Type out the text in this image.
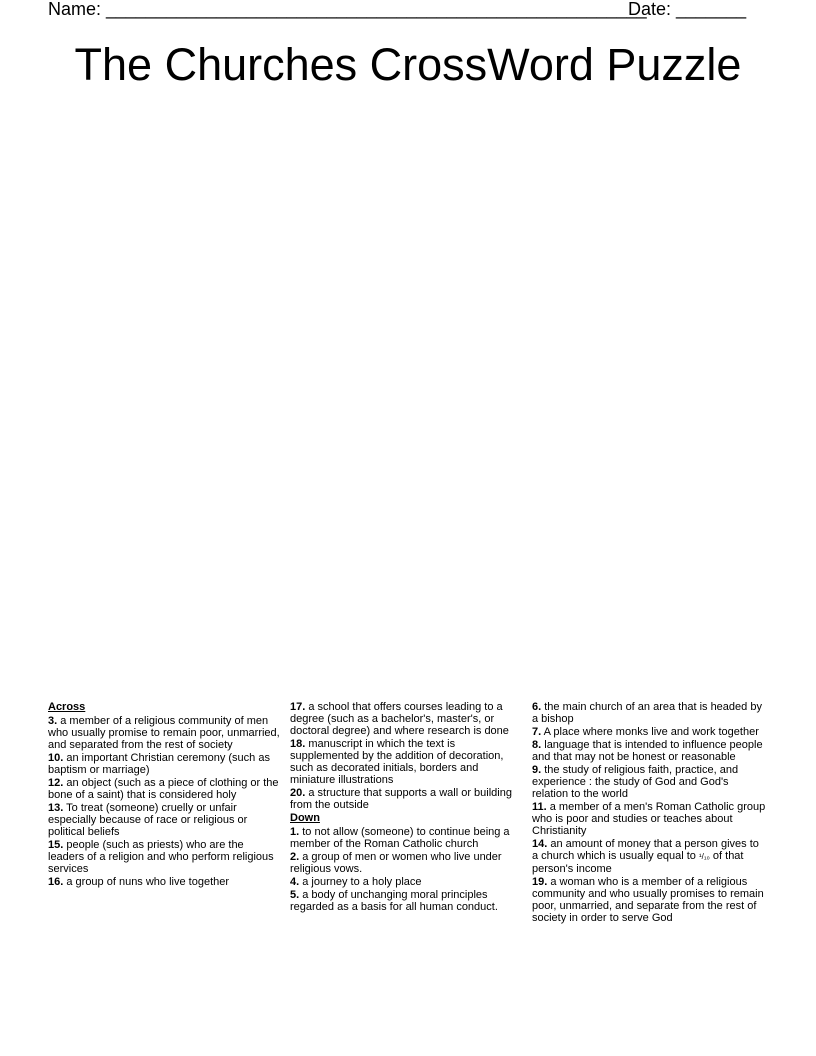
Name: ______________________________________________________
Date: _______
The Churches CrossWord Puzzle
Across
3. a member of a religious community of men who usually promise to remain poor, unmarried, and separated from the rest of society
10. an important Christian ceremony (such as baptism or marriage)
12. an object (such as a piece of clothing or the bone of a saint) that is considered holy
13. To treat (someone) cruelly or unfair especially because of race or religious or political beliefs
15. people (such as priests) who are the leaders of a religion and who perform religious services
16. a group of nuns who live together
17. a school that offers courses leading to a degree (such as a bachelor's, master's, or doctoral degree) and where research is done
18. manuscript in which the text is supplemented by the addition of decoration, such as decorated initials, borders and miniature illustrations
20. a structure that supports a wall or building from the outside
Down
1. to not allow (someone) to continue being a member of the Roman Catholic church
2. a group of men or women who live under religious vows.
4. a journey to a holy place
5. a body of unchanging moral principles regarded as a basis for all human conduct.
6. the main church of an area that is headed by a bishop
7. A place where monks live and work together
8. language that is intended to influence people and that may not be honest or reasonable
9. the study of religious faith, practice, and experience : the study of God and God's relation to the world
11. a member of a men's Roman Catholic group who is poor and studies or teaches about Christianity
14. an amount of money that a person gives to a church which is usually equal to ¹/₁₀ of that person's income
19. a woman who is a member of a religious community and who usually promises to remain poor, unmarried, and separate from the rest of society in order to serve God
